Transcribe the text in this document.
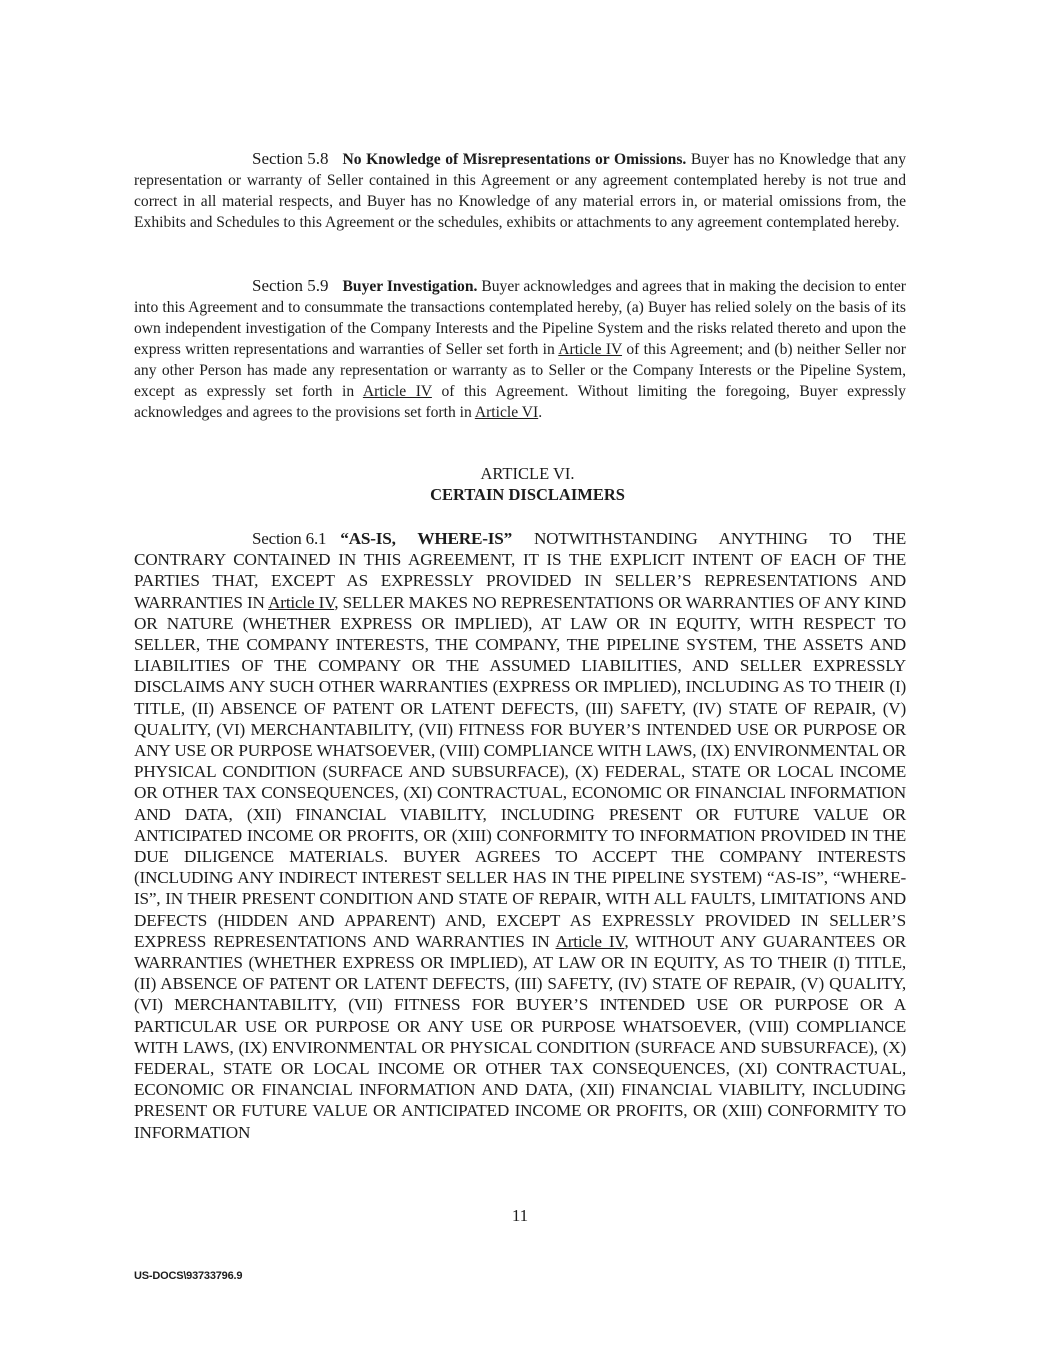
Section 5.8 No Knowledge of Misrepresentations or Omissions. Buyer has no Knowledge that any representation or warranty of Seller contained in this Agreement or any agreement contemplated hereby is not true and correct in all material respects, and Buyer has no Knowledge of any material errors in, or material omissions from, the Exhibits and Schedules to this Agreement or the schedules, exhibits or attachments to any agreement contemplated hereby.

Section 5.9 Buyer Investigation. Buyer acknowledges and agrees that in making the decision to enter into this Agreement and to consummate the transactions contemplated hereby, (a) Buyer has relied solely on the basis of its own independent investigation of the Company Interests and the Pipeline System and the risks related thereto and upon the express written representations and warranties of Seller set forth in Article IV of this Agreement; and (b) neither Seller nor any other Person has made any representation or warranty as to Seller or the Company Interests or the Pipeline System, except as expressly set forth in Article IV of this Agreement. Without limiting the foregoing, Buyer expressly acknowledges and agrees to the provisions set forth in Article VI.

ARTICLE VI.

CERTAIN DISCLAIMERS

Section 6.1 “AS-IS, WHERE-IS” NOTWITHSTANDING ANYTHING TO THE CONTRARY CONTAINED IN THIS AGREEMENT, IT IS THE EXPLICIT INTENT OF EACH OF THE PARTIES THAT, EXCEPT AS EXPRESSLY PROVIDED IN SELLER’S REPRESENTATIONS AND WARRANTIES IN Article IV, SELLER MAKES NO REPRESENTATIONS OR WARRANTIES OF ANY KIND OR NATURE (WHETHER EXPRESS OR IMPLIED), AT LAW OR IN EQUITY, WITH RESPECT TO SELLER, THE COMPANY INTERESTS, THE COMPANY, THE PIPELINE SYSTEM, THE ASSETS AND LIABILITIES OF THE COMPANY OR THE ASSUMED LIABILITIES, AND SELLER EXPRESSLY DISCLAIMS ANY SUCH OTHER WARRANTIES (EXPRESS OR IMPLIED), INCLUDING AS TO THEIR (I) TITLE, (II) ABSENCE OF PATENT OR LATENT DEFECTS, (III) SAFETY, (IV) STATE OF REPAIR, (V) QUALITY, (VI) MERCHANTABILITY, (VII) FITNESS FOR BUYER’S INTENDED USE OR PURPOSE OR ANY USE OR PURPOSE WHATSOEVER, (VIII) COMPLIANCE WITH LAWS, (IX) ENVIRONMENTAL OR PHYSICAL CONDITION (SURFACE AND SUBSURFACE), (X) FEDERAL, STATE OR LOCAL INCOME OR OTHER TAX CONSEQUENCES, (XI) CONTRACTUAL, ECONOMIC OR FINANCIAL INFORMATION AND DATA, (XII) FINANCIAL VIABILITY, INCLUDING PRESENT OR FUTURE VALUE OR ANTICIPATED INCOME OR PROFITS, OR (XIII) CONFORMITY TO INFORMATION PROVIDED IN THE DUE DILIGENCE MATERIALS. BUYER AGREES TO ACCEPT THE COMPANY INTERESTS (INCLUDING ANY INDIRECT INTEREST SELLER HAS IN THE PIPELINE SYSTEM) “AS-IS”, “WHERE-IS”, IN THEIR PRESENT CONDITION AND STATE OF REPAIR, WITH ALL FAULTS, LIMITATIONS AND DEFECTS (HIDDEN AND APPARENT) AND, EXCEPT AS EXPRESSLY PROVIDED IN SELLER’S EXPRESS REPRESENTATIONS AND WARRANTIES IN Article IV, WITHOUT ANY GUARANTEES OR WARRANTIES (WHETHER EXPRESS OR IMPLIED), AT LAW OR IN EQUITY, AS TO THEIR (I) TITLE, (II) ABSENCE OF PATENT OR LATENT DEFECTS, (III) SAFETY, (IV) STATE OF REPAIR, (V) QUALITY, (VI) MERCHANTABILITY, (VII) FITNESS FOR BUYER’S INTENDED USE OR PURPOSE OR A PARTICULAR USE OR PURPOSE OR ANY USE OR PURPOSE WHATSOEVER, (VIII) COMPLIANCE WITH LAWS, (IX) ENVIRONMENTAL OR PHYSICAL CONDITION (SURFACE AND SUBSURFACE), (X) FEDERAL, STATE OR LOCAL INCOME OR OTHER TAX CONSEQUENCES, (XI) CONTRACTUAL, ECONOMIC OR FINANCIAL INFORMATION AND DATA, (XII) FINANCIAL VIABILITY, INCLUDING PRESENT OR FUTURE VALUE OR ANTICIPATED INCOME OR PROFITS, OR (XIII) CONFORMITY TO INFORMATION

11
US-DOCS\93733796.9
